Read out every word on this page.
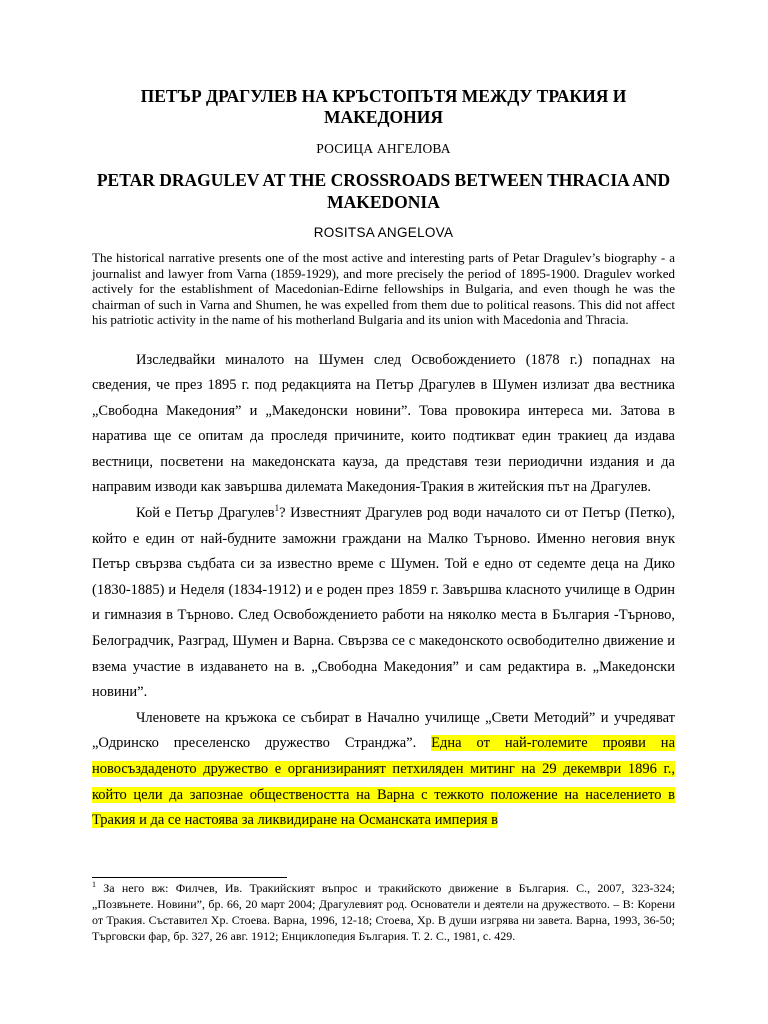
ПЕТЪР ДРАГУЛЕВ НА КРЪСТОПЪТЯ МЕЖДУ ТРАКИЯ И МАКЕДОНИЯ
РОСИЦА АНГЕЛОВА
PETAR DRAGULEV AT THE CROSSROADS BETWEEN THRACIA AND MAKEDONIA
ROSITSA ANGELOVA
The historical narrative presents one of the most active and interesting parts of Petar Dragulev’s biography - a journalist and lawyer from Varna (1859-1929), and more precisely the period of 1895-1900. Dragulev worked actively for the establishment of Macedonian-Edirne fellowships in Bulgaria, and even though he was the chairman of such in Varna and Shumen, he was expelled from them due to political reasons. This did not affect his patriotic activity in the name of his motherland Bulgaria and its union with Macedonia and Thracia.

Изследвайки миналото на Шумен след Освобождението (1878 г.) попаднах на сведения, че през 1895 г. под редакцията на Петър Драгулев в Шумен излизат два вестника „Свободна Македония” и „Македонски новини”. Това провокира интереса ми. Затова в наратива ще се опитам да проследя причините, които подтикват един тракиец да издава вестници, посветени на македонската кауза, да представя тези периодични издания и да направим изводи как завършва дилемата Македония-Тракия в житейския път на Драгулев.

Кой е Петър Драгулев$^1$? Известният Драгулев род води началото си от Петър (Петко), който е един от най-будните заможни граждани на Малко Търново. Именно неговия внук Петър свързва съдбата си за известно време с Шумен. Той е едно от седемте деца на Дико (1830-1885) и Неделя (1834-1912) и е роден през 1859 г. Завършва класното училище в Одрин и гимназия в Търново. След Освобождението работи на няколко места в България -Търново, Белоградчик, Разград, Шумен и Варна. Свързва се с македонското освободително движение и взема участие в издаването на в. „Свободна Македония” и сам редактира в. „Македонски новини”.

Членовете на кръжока се събират в Начално училище „Свети Методий” и учредяват „Одринско преселенско дружество Странджа”. Една от най-големите прояви на новосъздаденото дружество е организираният петхиляден митинг на 29 декември 1896 г., който цели да запознае обществеността на Варна с тежкото положение на населението в Тракия и да се настоява за ликвидиране на Османската империя в

$^1$ За него вж: Филчев, Ив. Тракийският въпрос и тракийското движение в България. С., 2007, 323-324; „Позвънете. Новини”, бр. 66, 20 март 2004; Драгулевият род. Основатели и деятели на дружеството. – В: Корени от Тракия. Съставител Хр. Стоева. Варна, 1996, 12-18; Стоева, Хр. В души изгрява ни завета. Варна, 1993, 36-50; Търговски фар, бр. 327, 26 авг. 1912; Енциклопедия България. Т. 2. С., 1981, с. 429.
